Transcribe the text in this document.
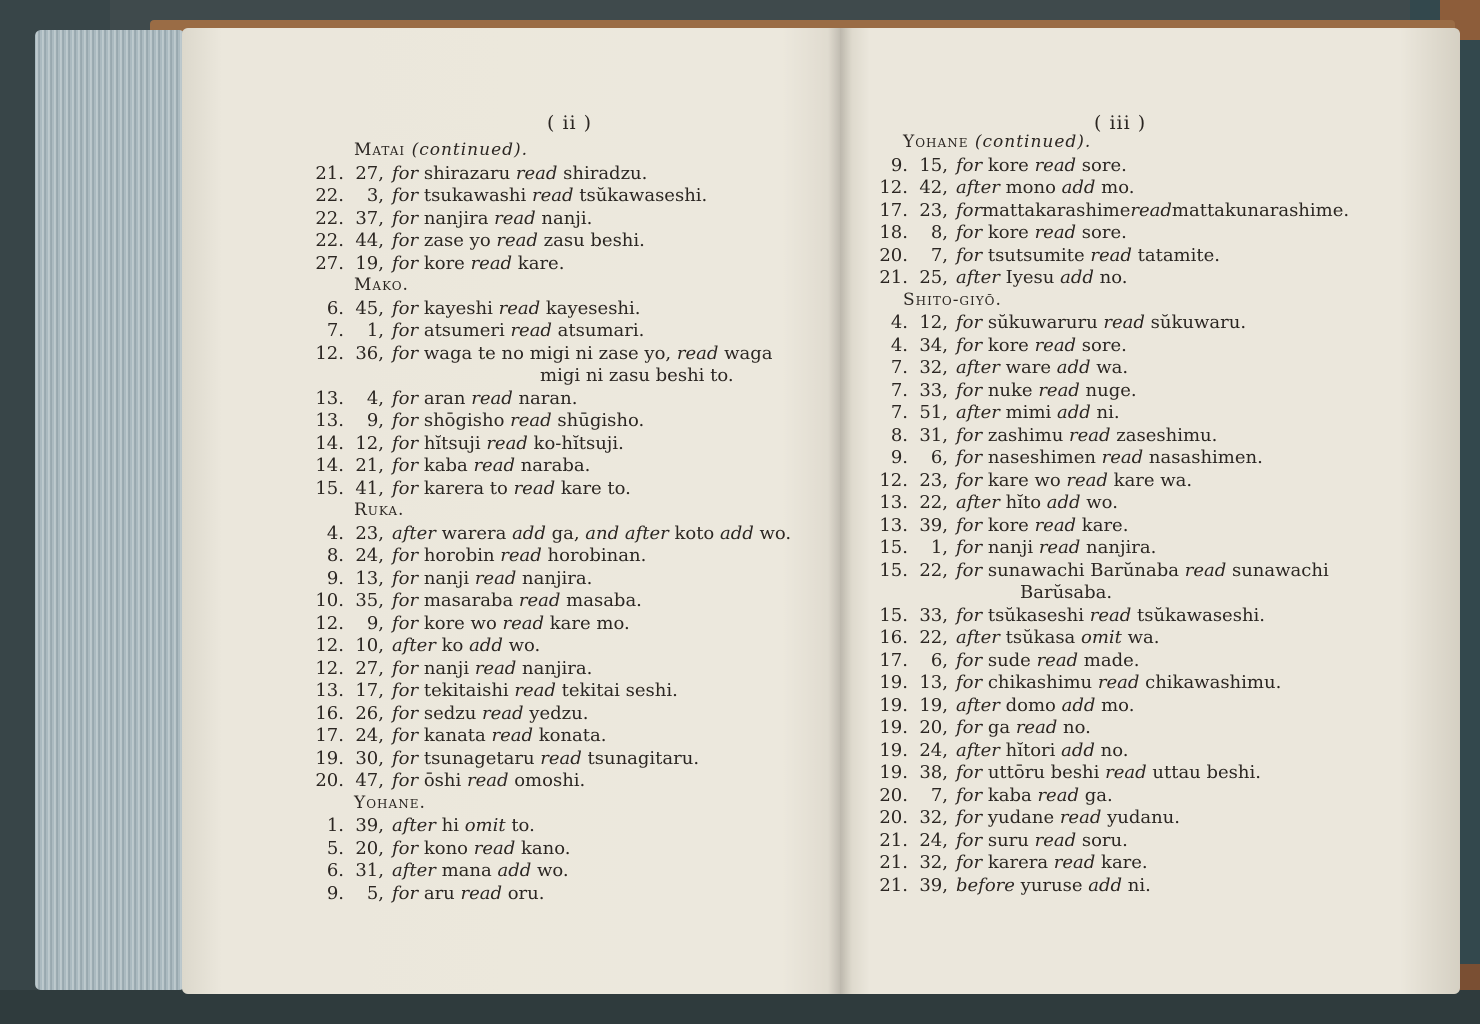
( ii )
Matai (continued).
21. 27, for shirazaru read shiradzu.
22.	3, for tsukawashi read tsŭkawaseshi.
22. 37, for nanjira read nanji.
22. 44, for zase yo read zasu beshi.
27. 19, for kore read kare.
Mako.
6. 45, for kayeshi read kayeseshi.
7.	1, for atsumeri read atsumari.
12. 36, for waga te no migi ni zase yo, read waga
migi ni zasu beshi to.
13.	4, for aran read naran.
13.	9, for shōgisho read shūgisho.
14. 12, for hĭtsuji read ko-hĭtsuji.
14. 21, for kaba read naraba.
15. 41, for karera to read kare to.
Ruka.
4. 23, after warera add ga, and after koto add wo.
8. 24, for horobin read horobinan.
9. 13, for nanji read nanjira.
10. 35, for masaraba read masaba.
12.	9, for kore wo read kare mo.
12. 10, after ko add wo.
12. 27, for nanji read nanjira.
13. 17, for tekitaishi read tekitai seshi.
16. 26, for sedzu read yedzu.
17. 24, for kanata read konata.
19. 30, for tsunagetaru read tsunagitaru.
20. 47, for ōshi read omoshi.
Yohane.
1. 39, after hi omit to.
5. 20, for kono read kano.
6. 31, after mana add wo.
9.	5, for aru read oru.
( iii )
Yohane (continued).
9. 15, for kore read sore.
12. 42, after mono add mo.
17. 23, formattakarashimereadmattakunarashime.
18.	8, for kore read sore.
20.	7, for tsutsumite read tatamite.
21. 25, after Iyesu add no.
Shito-giyō.
4. 12, for sŭkuwaruru read sŭkuwaru.
4. 34, for kore read sore.
7. 32, after ware add wa.
7. 33, for nuke read nuge.
7. 51, after mimi add ni.
8. 31, for zashimu read zaseshimu.
9.	6, for naseshimen read nasashimen.
12. 23, for kare wo read kare wa.
13. 22, after hĭto add wo.
13. 39, for kore read kare.
15.	1, for nanji read nanjira.
15. 22, for sunawachi Barŭnaba read sunawachi
Barŭsaba.
15. 33, for tsŭkaseshi read tsŭkawaseshi.
16. 22, after tsŭkasa omit wa.
17.	6, for sude read made.
19. 13, for chikashimu read chikawashimu.
19. 19, after domo add mo.
19. 20, for ga read no.
19. 24, after hĭtori add no.
19. 38, for uttōru beshi read uttau beshi.
20.	7, for kaba read ga.
20. 32, for yudane read yudanu.
21. 24, for suru read soru.
21. 32, for karera read kare.
21. 39, before yuruse add ni.
